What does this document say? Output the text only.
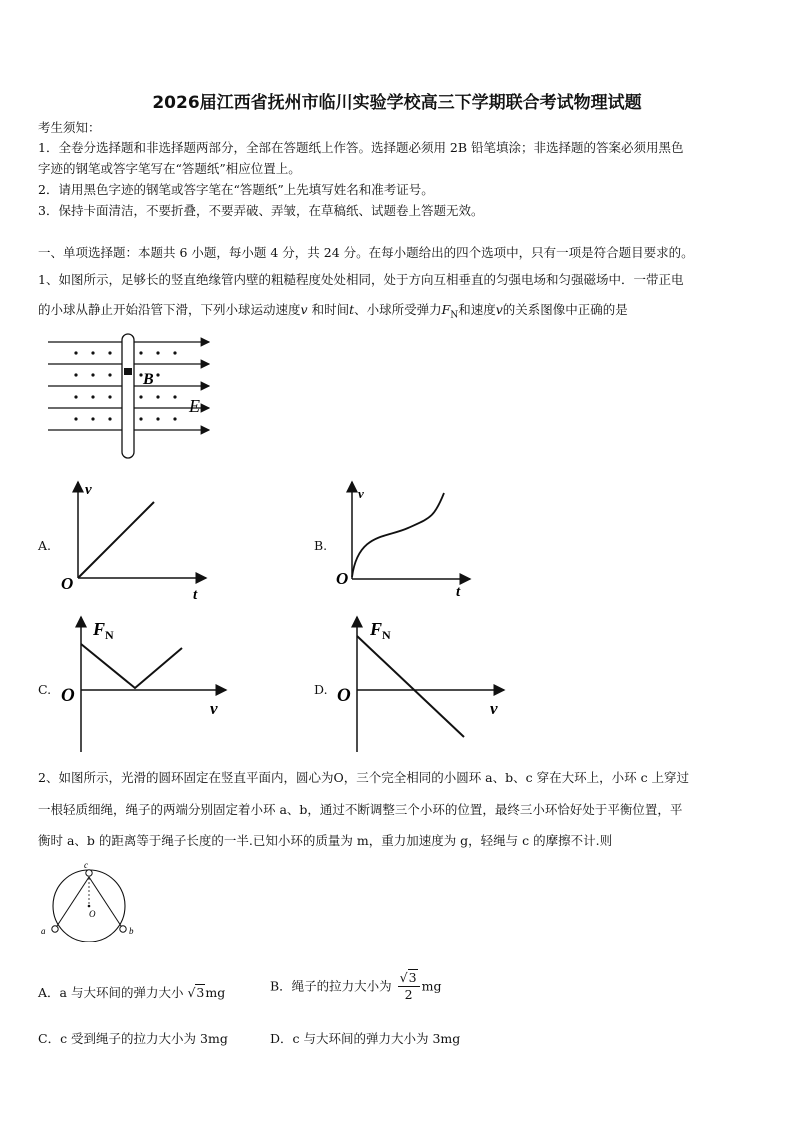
2026届江西省抚州市临川实验学校高三下学期联合考试物理试题
考生须知：
1．全卷分选择题和非选择题两部分，全部在答题纸上作答。选择题必须用 2B 铅笔填涂；非选择题的答案必须用黑色
字迹的钢笔或答字笔写在“答题纸”相应位置上。
2．请用黑色字迹的钢笔或答字笔在“答题纸”上先填写姓名和准考证号。
3．保持卡面清洁，不要折叠，不要弄破、弄皱，在草稿纸、试题卷上答题无效。
一、单项选择题：本题共 6 小题，每小题 4 分，共 24 分。在每小题给出的四个选项中，只有一项是符合题目要求的。
1、如图所示，足够长的竖直绝缘管内壁的粗糙程度处处相同，处于方向互相垂直的匀强电场和匀强磁场中．一带正电
的小球从静止开始沿管下滑，下列小球运动速度v 和时间t、小球所受弹力$F_N$和速度v的关系图像中正确的是
B
E
A.
v
t
O
B.
v
t
O
C.
$F_N$
v
O	D.
$F_N$
v
O
2、如图所示，光滑的圆环固定在竖直平面内，圆心为O，三个完全相同的小圆环 a、b、c 穿在大环上，小环 c 上穿过
一根轻质细绳，绳子的两端分别固定着小环 a、b，通过不断调整三个小环的位置，最终三小环恰好处于平衡位置，平
衡时 a、b 的距离等于绳子长度的一半.已知小环的质量为 m，重力加速度为 g，轻绳与 c 的摩擦不计.则
c
O
a	b
A．a 与大环间的弹力大小 √3mg	B．绳子的拉力大小为 $\frac{√3}{2}$ mg
C．c 受到绳子的拉力大小为 3mg	D．c 与大环间的弹力大小为 3mg
